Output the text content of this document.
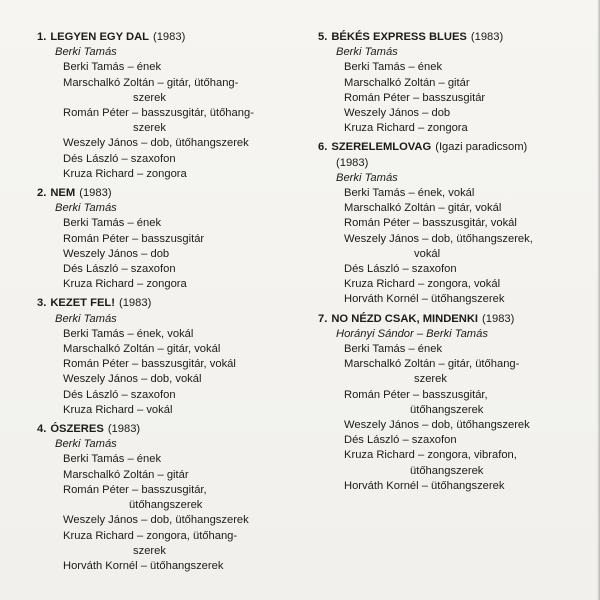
1. LEGYEN EGY DAL (1983)
Berki Tamás
Berki Tamás – ének
Marschalkó Zoltán – gitár, ütőhang-
szerek
Román Péter – basszusgitár, ütőhang-
szerek
Weszely János – dob, ütőhangszerek
Dés László – szaxofon
Kruza Richard – zongora
2. NEM (1983)
Berki Tamás
Berki Tamás – ének
Román Péter – basszusgitár
Weszely János – dob
Dés László – szaxofon
Kruza Richard – zongora
3. KEZET FEL! (1983)
Berki Tamás
Berki Tamás – ének, vokál
Marschalkó Zoltán – gitár, vokál
Román Péter – basszusgitár, vokál
Weszely János – dob, vokál
Dés László – szaxofon
Kruza Richard – vokál
4. ÓSZERES (1983)
Berki Tamás
Berki Tamás – ének
Marschalkó Zoltán – gitár
Román Péter – basszusgitár,
ütőhangszerek
Weszely János – dob, ütőhangszerek
Kruza Richard – zongora, ütőhang-
szerek
Horváth Kornél – ütőhangszerek
5. BÉKÉS EXPRESS BLUES (1983)
Berki Tamás
Berki Tamás – ének
Marschalkó Zoltán – gitár
Román Péter – basszusgitár
Weszely János – dob
Kruza Richard – zongora
6. SZERELEMLOVAG (Igazi paradicsom)
(1983)
Berki Tamás
Berki Tamás – ének, vokál
Marschalkó Zoltán – gitár, vokál
Román Péter – basszusgitár, vokál
Weszely János – dob, ütőhangszerek,
vokál
Dés László – szaxofon
Kruza Richard – zongora, vokál
Horváth Kornél – ütőhangszerek
7. NO NÉZD CSAK, MINDENKI (1983)
Horányi Sándor – Berki Tamás
Berki Tamás – ének
Marschalkó Zoltán – gitár, ütőhang-
szerek
Román Péter – basszusgitár,
ütőhangszerek
Weszely János – dob, ütőhangszerek
Dés László – szaxofon
Kruza Richard – zongora, vibrafon,
ütőhangszerek
Horváth Kornél – ütőhangszerek
